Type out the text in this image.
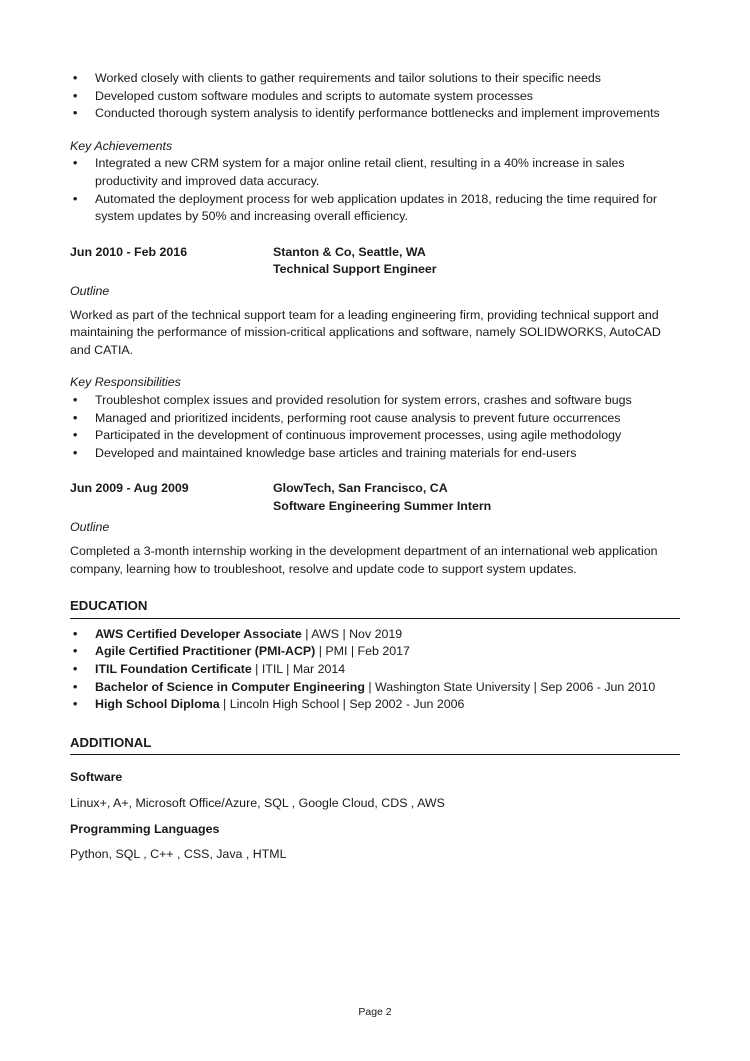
• Worked closely with clients to gather requirements and tailor solutions to their specific needs
• Developed custom software modules and scripts to automate system processes
• Conducted thorough system analysis to identify performance bottlenecks and implement improvements
Key Achievements
• Integrated a new CRM system for a major online retail client, resulting in a 40% increase in sales productivity and improved data accuracy.
• Automated the deployment process for web application updates in 2018, reducing the time required for system updates by 50% and increasing overall efficiency.
Jun 2010 - Feb 2016	Stanton & Co, Seattle, WA
Technical Support Engineer
Outline
Worked as part of the technical support team for a leading engineering firm, providing technical support and maintaining the performance of mission-critical applications and software, namely SOLIDWORKS, AutoCAD and CATIA.
Key Responsibilities
• Troubleshot complex issues and provided resolution for system errors, crashes and software bugs
• Managed and prioritized incidents, performing root cause analysis to prevent future occurrences
• Participated in the development of continuous improvement processes, using agile methodology
• Developed and maintained knowledge base articles and training materials for end-users
Jun 2009 - Aug 2009	GlowTech, San Francisco, CA
Software Engineering Summer Intern
Outline
Completed a 3-month internship working in the development department of an international web application company, learning how to troubleshoot, resolve and update code to support system updates.
EDUCATION
• AWS Certified Developer Associate | AWS | Nov 2019
• Agile Certified Practitioner (PMI-ACP) | PMI | Feb 2017
• ITIL Foundation Certificate | ITIL | Mar 2014
• Bachelor of Science in Computer Engineering | Washington State University | Sep 2006 - Jun 2010
• High School Diploma | Lincoln High School | Sep 2002 - Jun 2006
ADDITIONAL
Software
Linux+, A+, Microsoft Office/Azure, SQL , Google Cloud, CDS , AWS
Programming Languages
Python, SQL , C++ , CSS, Java , HTML
Page 2
